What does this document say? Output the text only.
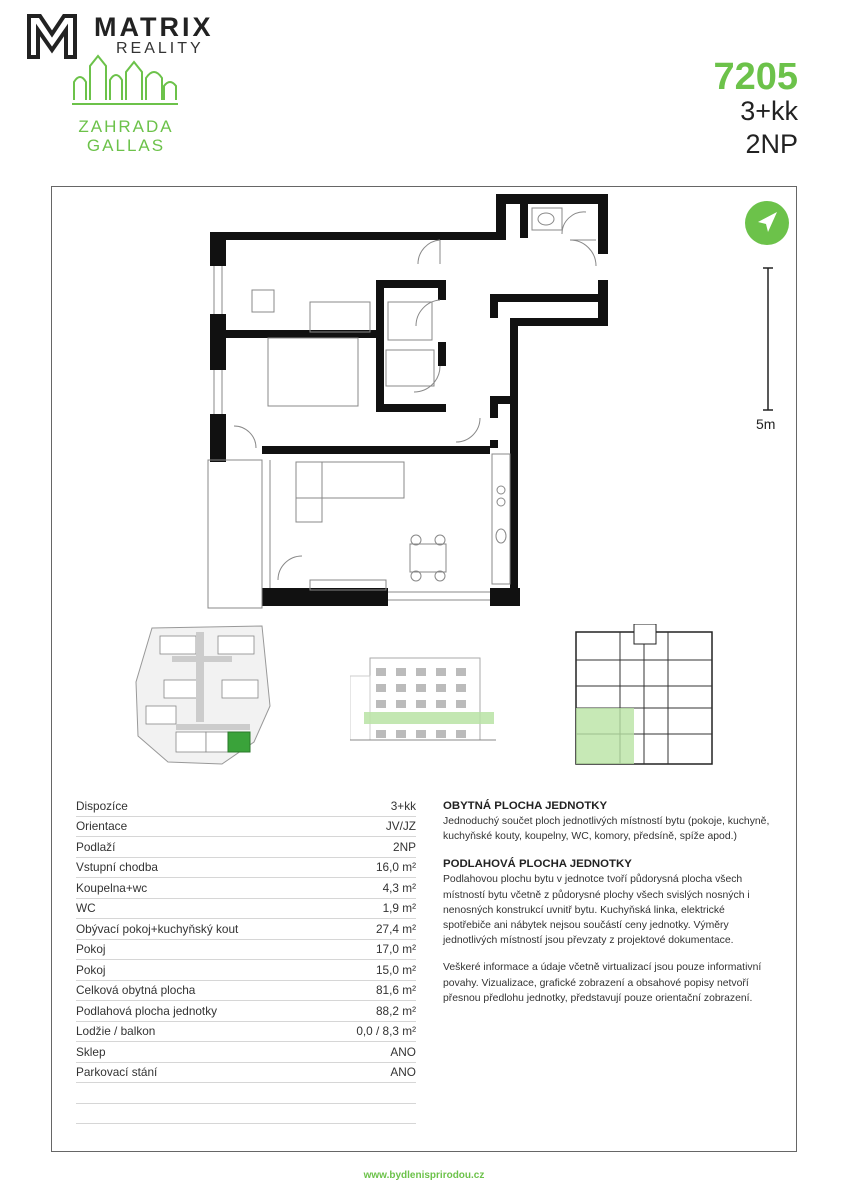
MATRIX
REALITY
ZAHRADA
GALLAS
7205
3+kk
2NP
5m
Dispozíce	3+kk
Orientace	JV/JZ
Podlaží	2NP
Vstupní chodba	16,0 m²
Koupelna+wc	4,3 m²
WC	1,9 m²
Obývací pokoj+kuchyňský kout	27,4 m²
Pokoj	17,0 m²
Pokoj	15,0 m²
Celková obytná plocha	81,6 m²
Podlahová plocha jednotky	88,2 m²
Lodžie / balkon	0,0 / 8,3 m²
Sklep	ANO
Parkovací stání	ANO
OBYTNÁ PLOCHA JEDNOTKY

Jednoduchý součet ploch jednotlivých místností bytu (pokoje, kuchyně, kuchyňské kouty, koupelny, WC, komory, předsíně, spíže apod.)

PODLAHOVÁ PLOCHA JEDNOTKY

Podlahovou plochu bytu v jednotce tvoří půdorysná plocha všech místností bytu včetně z půdorysné plochy všech svislých nosných i nenosných konstrukcí uvnitř bytu. Kuchyňská linka, elektrické spotřebiče ani nábytek nejsou součástí ceny jednotky. Výměry jednotlivých místností jsou převzaty z projektové dokumentace.

Veškeré informace a údaje včetně virtualizací jsou pouze informativní povahy. Vizualizace, grafické zobrazení a obsahové popisy netvoří přesnou předlohu jednotky, představují pouze orientační zobrazení.

www.bydlenisprirodou.cz
